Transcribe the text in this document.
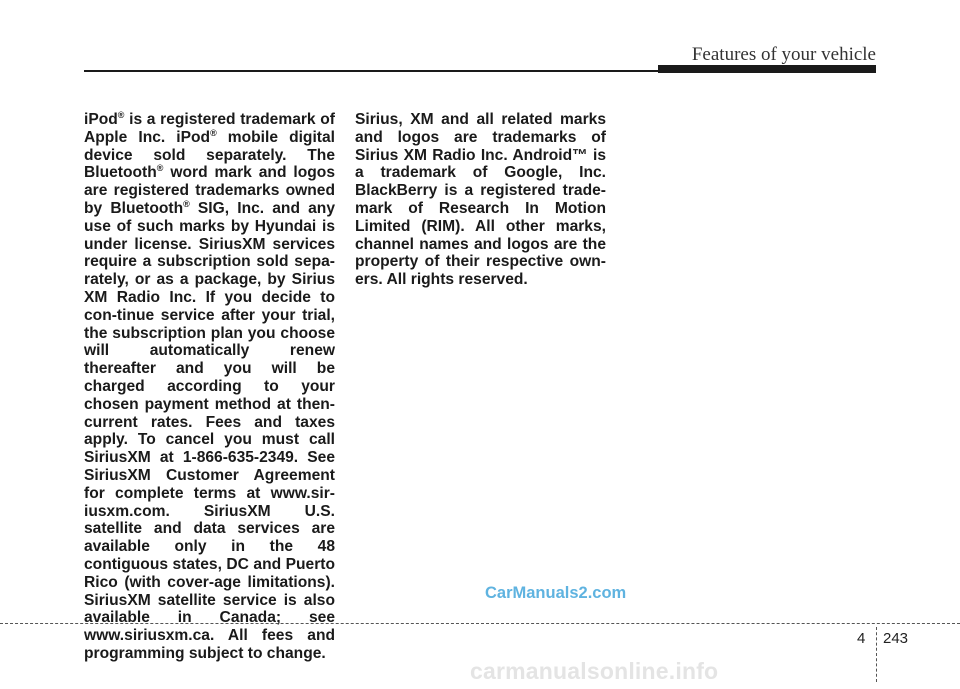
Features of your vehicle

iPod® is a registered trademark of Apple Inc. iPod® mobile digital device sold separately. The Bluetooth® word mark and logos are registered trademarks owned by Bluetooth® SIG, Inc. and any use of such marks by Hyundai is under license. SiriusXM services require a subscription sold sepa-rately, or as a package, by Sirius XM Radio Inc. If you decide to con-tinue service after your trial, the subscription plan you choose will automatically renew thereafter and you will be charged according to your chosen payment method at then-current rates. Fees and taxes apply. To cancel you must call SiriusXM at 1-866-635-2349. See SiriusXM Customer Agreement for complete terms at www.sir-iusxm.com. SiriusXM U.S. satellite and data services are available only in the 48 contiguous states, DC and Puerto Rico (with cover-age limitations). SiriusXM satellite service is also available in Canada; see www.siriusxm.ca. All fees and programming subject to change.

Sirius, XM and all related marks and logos are trademarks of Sirius XM Radio Inc. Android™ is a trademark of Google, Inc. BlackBerry is a registered trade-mark of Research In Motion Limited (RIM). All other marks, channel names and logos are the property of their respective own-ers. All rights reserved.

CarManuals2.com
4 243
carmanualsonline.info
